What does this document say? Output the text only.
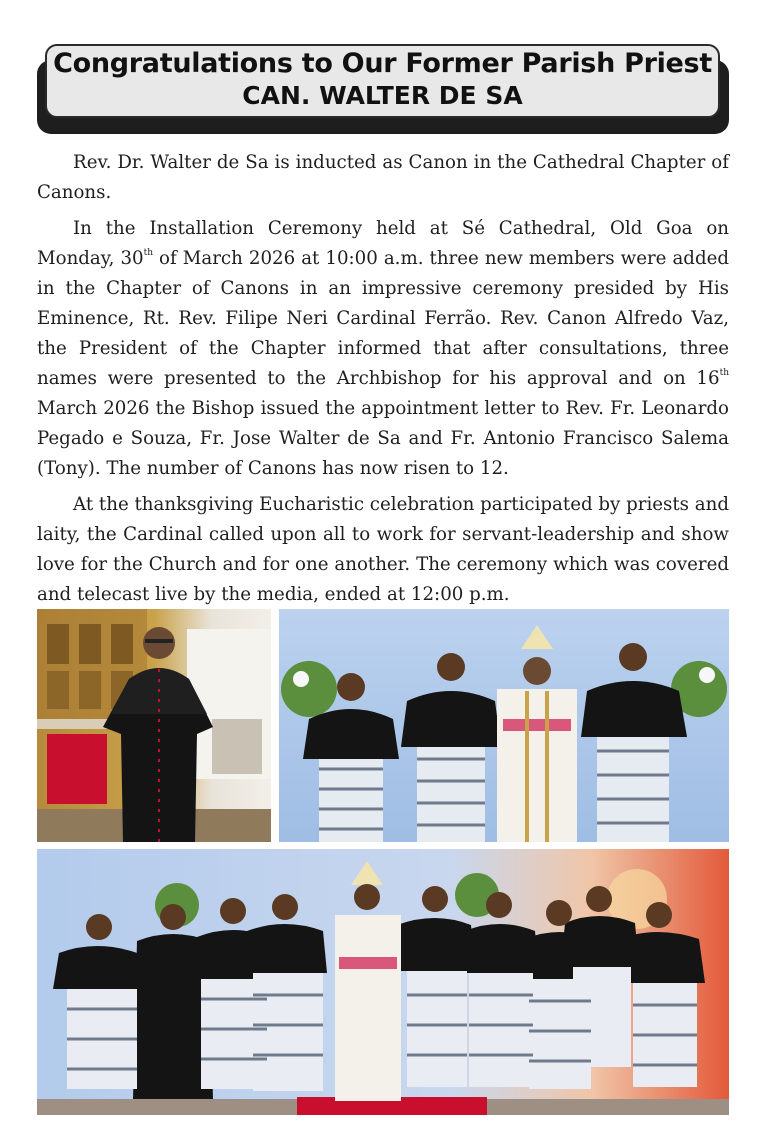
Congratulations to Our Former Parish Priest
CAN. WALTER DE SA

Rev. Dr. Walter de Sa is inducted as Canon in the Cathedral Chapter of Canons.

In the Installation Ceremony held at Sé Cathedral, Old Goa on Monday, 30th of March 2026 at 10:00 a.m. three new members were added in the Chapter of Canons in an impressive ceremony presided by His Eminence, Rt. Rev. Filipe Neri Cardinal Ferrão. Rev. Canon Alfredo Vaz, the President of the Chapter informed that after consultations, three names were presented to the Archbishop for his approval and on 16th March 2026 the Bishop issued the appointment letter to Rev. Fr. Leonardo Pegado e Souza, Fr. Jose Walter de Sa and Fr. Antonio Francisco Salema (Tony). The number of Canons has now risen to 12.

At the thanksgiving Eucharistic celebration participated by priests and laity, the Cardinal called upon all to work for servant-leadership and show love for the Church and for one another. The ceremony which was covered and telecast live by the media, ended at 12:00 p.m.
